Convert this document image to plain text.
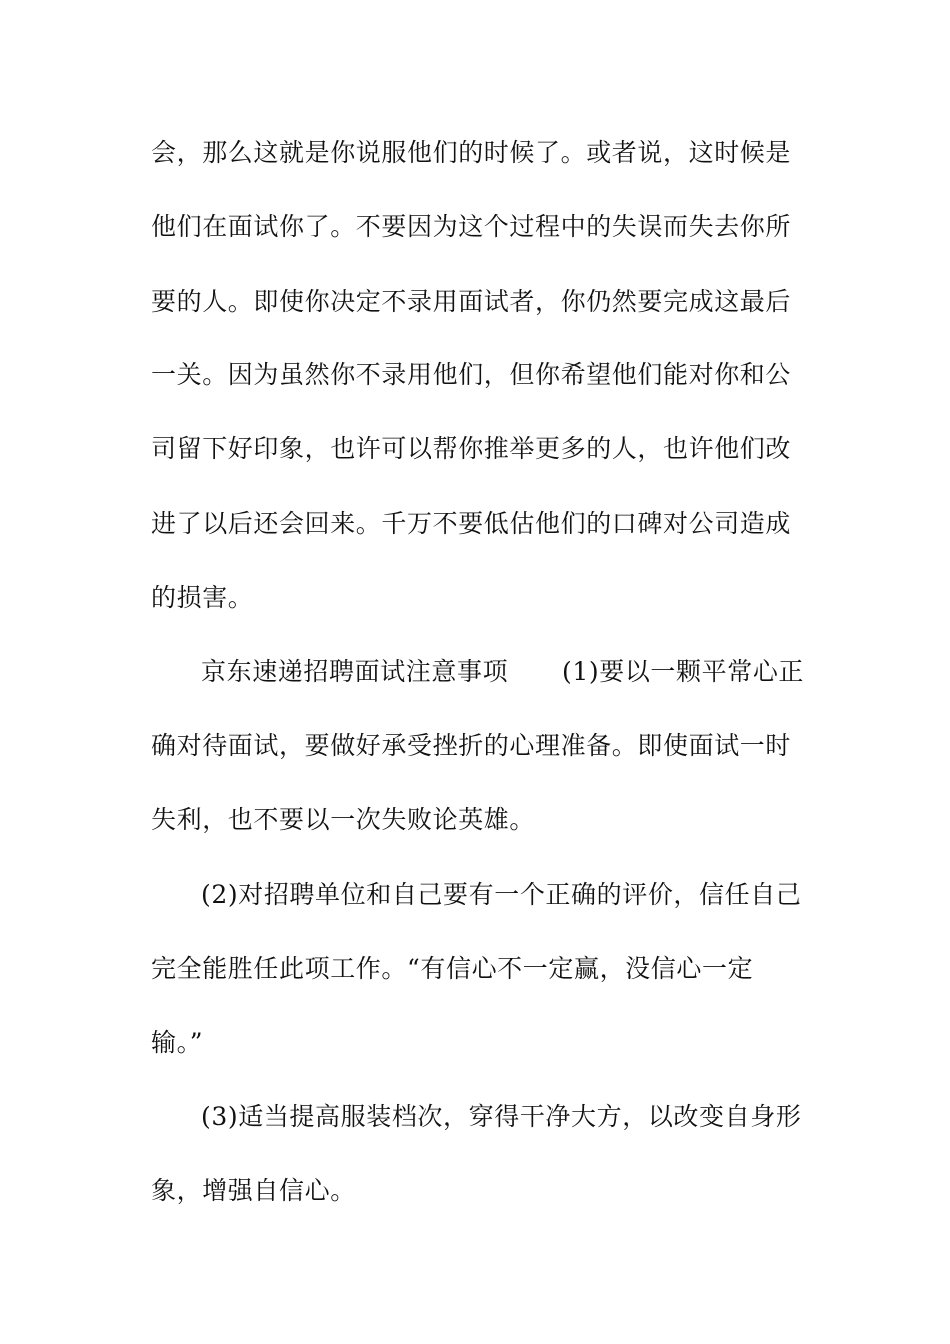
会，那么这就是你说服他们的时候了。或者说，这时候是
他们在面试你了。不要因为这个过程中的失误而失去你所
要的人。即使你决定不录用面试者，你仍然要完成这最后
一关。因为虽然你不录用他们，但你希望他们能对你和公
司留下好印象，也许可以帮你推举更多的人，也许他们改
进了以后还会回来。千万不要低估他们的口碑对公司造成
的损害。
京东速递招聘面试注意事项 (1)要以一颗平常心正
确对待面试，要做好承受挫折的心理准备。即使面试一时
失利，也不要以一次失败论英雄。
(2)对招聘单位和自己要有一个正确的评价，信任自己
完全能胜任此项工作。“有信心不一定赢，没信心一定
输。”
(3)适当提高服装档次，穿得干净大方，以改变自身形
象，增强自信心。
